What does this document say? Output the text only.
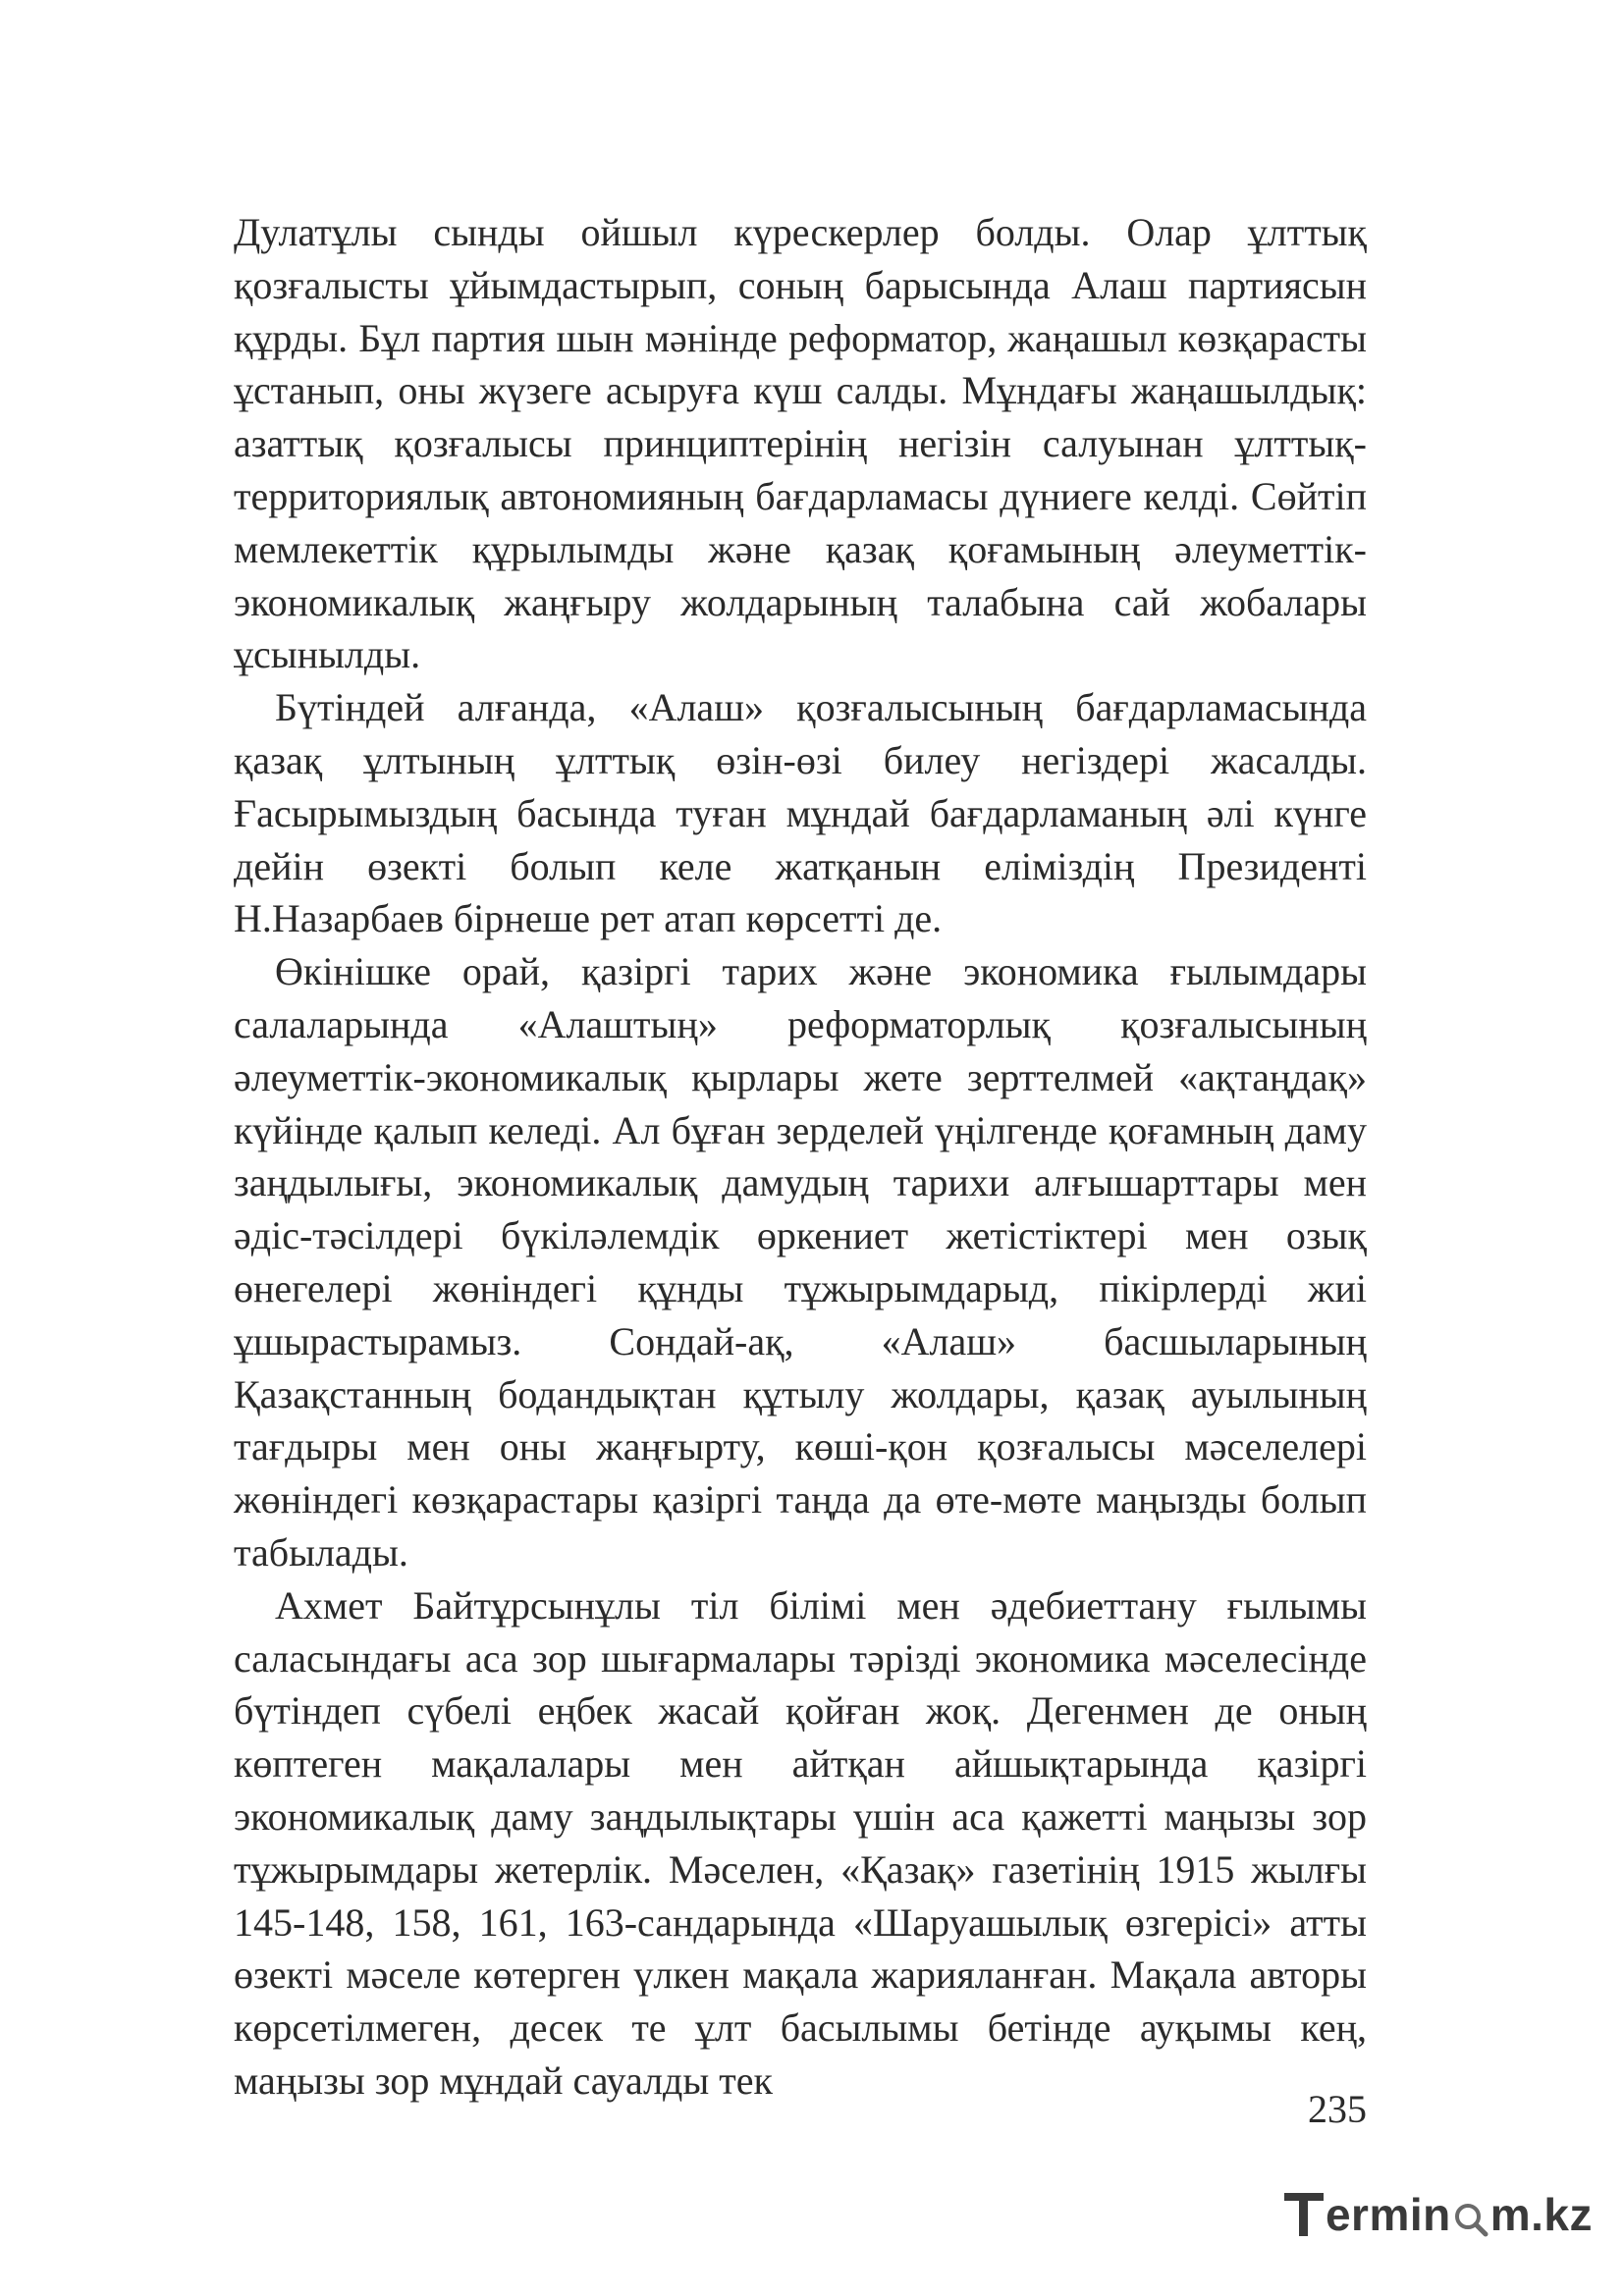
Дулатұлы сынды ойшыл күрескерлер болды. Олар ұлттық қозғалысты ұйымдастырып, соның барысында Алаш партиясын құрды. Бұл партия шын мәнінде реформатор, жаңашыл көзқарасты ұстанып, оны жүзеге асыруға күш салды. Мұндағы жаңашылдық: азаттық қозғалысы принциптерінің негізін салуынан ұлттық-территориялық автономияның бағдарламасы дүниеге келді. Сөйтіп мемлекеттік құрылымды және қазақ қоғамының әлеуметтік-экономикалық жаңғыру жолдарының талабына сай жобалары ұсынылды.

Бүтіндей алғанда, «Алаш» қозғалысының бағдарламасында қазақ ұлтының ұлттық өзін-өзі билеу негіздері жасалды. Ғасырымыздың басында туған мұндай бағдарламаның әлі күнге дейін өзекті болып келе жатқанын еліміздің Президенті Н.Назарбаев бірнеше рет атап көрсетті де.

Өкінішке орай, қазіргі тарих және экономика ғылымдары салаларында «Алаштың» реформаторлық қозғалысының әлеуметтік-экономикалық қырлары жете зерттелмей «ақтаңдақ» күйінде қалып келеді. Ал бұған зерделей үңілгенде қоғамның даму заңдылығы, экономикалық дамудың тарихи алғышарттары мен әдіс-тәсілдері бүкіләлемдік өркениет жетістіктері мен озық өнегелері жөніндегі құнды тұжырымдарыд, пікірлерді жиі ұшырастырамыз. Сондай-ақ, «Алаш» басшыларының Қазақстанның бодандықтан құтылу жолдары, қазақ ауылының тағдыры мен оны жаңғырту, көші-қон қозғалысы мәселелері жөніндегі көзқарастары қазіргі таңда да өте-мөте маңызды болып табылады.

Ахмет Байтұрсынұлы тіл білімі мен әдебиеттану ғылымы саласындағы аса зор шығармалары тәрізді экономика мәселесінде бүтіндеп сүбелі еңбек жасай қойған жоқ. Дегенмен де оның көптеген мақалалары мен айтқан айшықтарында қазіргі экономикалық даму заңдылықтары үшін аса қажетті маңызы зор тұжырымдары жетерлік. Мәселен, «Қазақ» газетінің 1915 жылғы 145-148, 158, 161, 163-сандарында «Шаруашылық өзгерісі» атты өзекті мәселе көтерген үлкен мақала жарияланған. Мақала авторы көрсетілмеген, десек те ұлт басылымы бетінде ауқымы кең, маңызы зор мұндай сауалды тек

235
ermin m.kz
